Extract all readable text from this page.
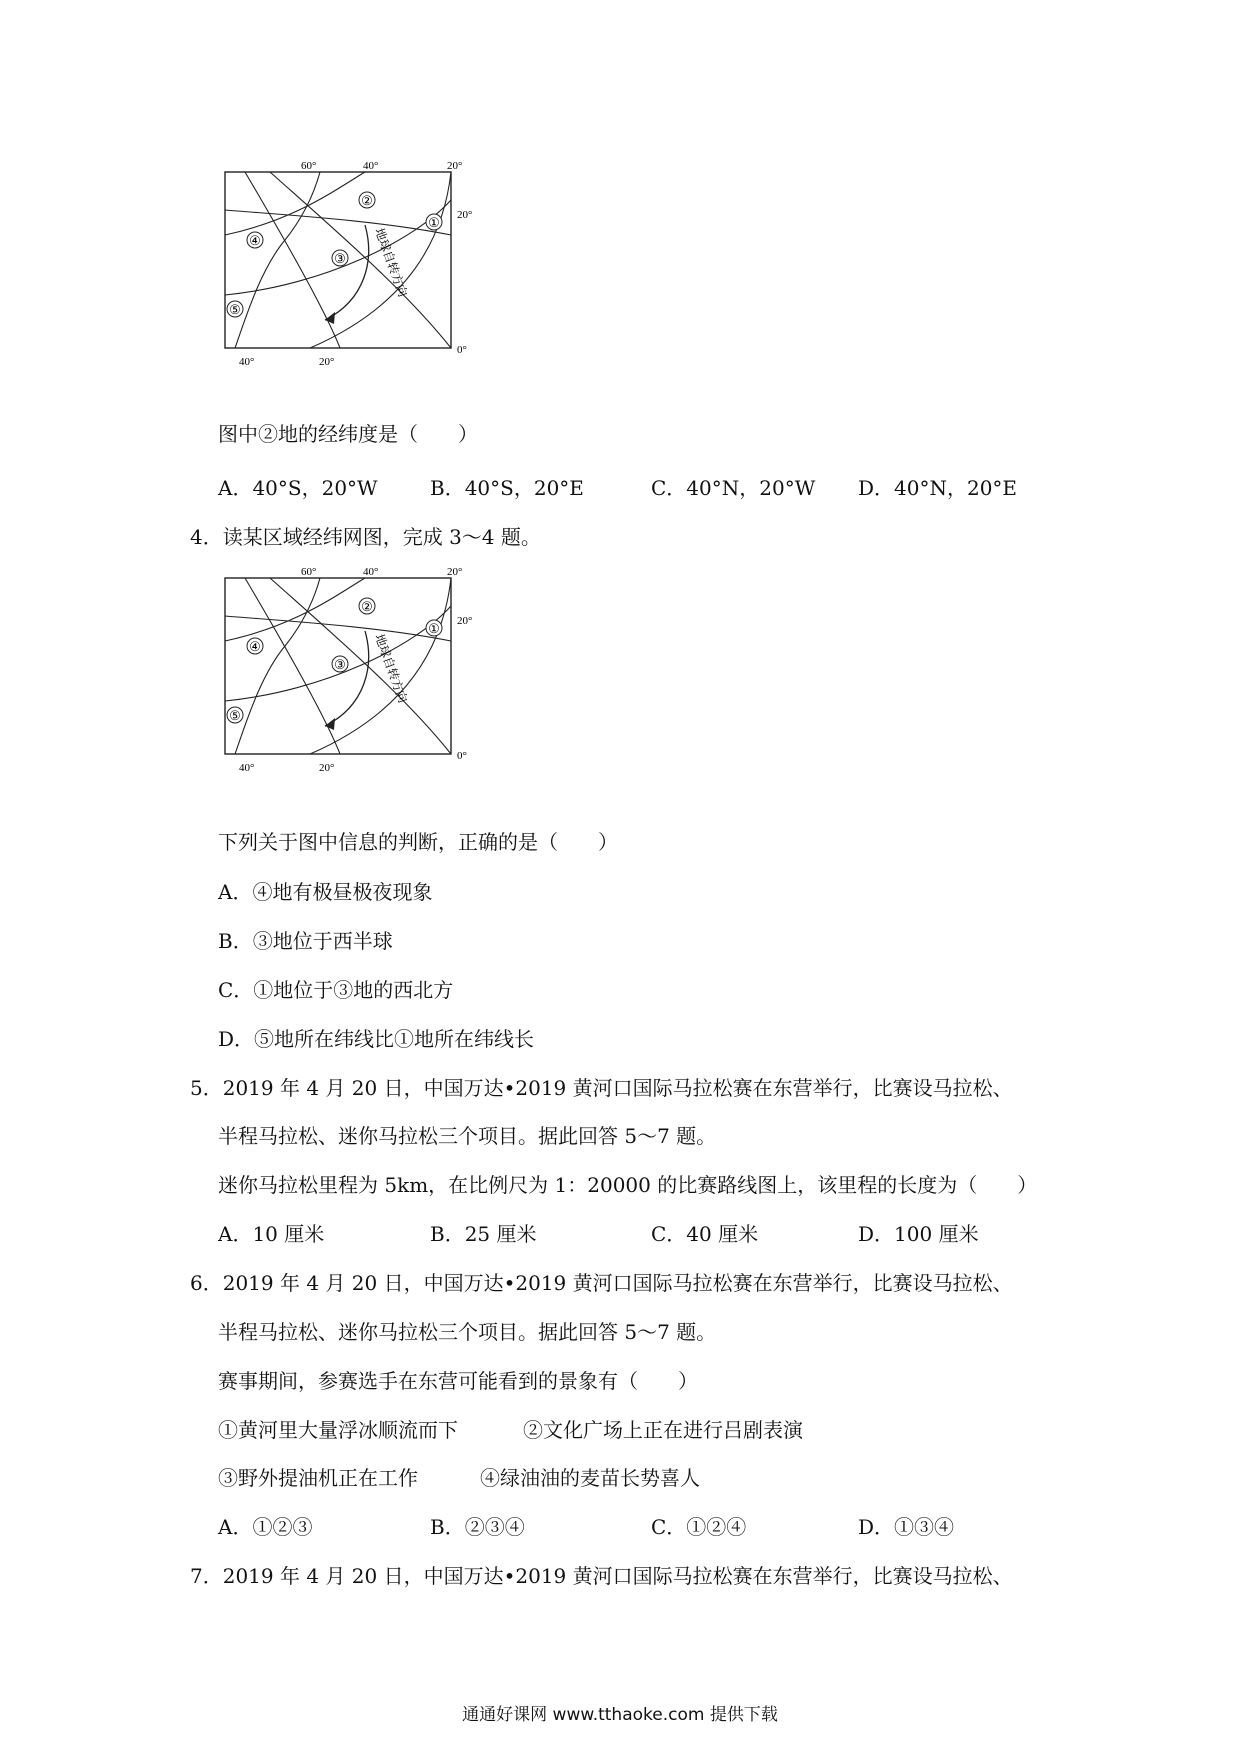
地球自转方向
①
②
③
④
⑤
60°	40°	20°
20°
0°
40°	20°
图中②地的经纬度是（　　）
A．40°S，20°W	B．40°S，20°E	C．40°N，20°W D．40°N，20°E
4．读某区域经纬网图，完成 3～4 题。
地球自转方向
①
②
③
④
⑤
60°	40°	20°
20°
0°
40°	20°
下列关于图中信息的判断，正确的是（　　）
A．④地有极昼极夜现象
B．③地位于西半球
C．①地位于③地的西北方
D．⑤地所在纬线比①地所在纬线长
5．2019 年 4 月 20 日，中国万达•2019 黄河口国际马拉松赛在东营举行，比赛设马拉松、
半程马拉松、迷你马拉松三个项目。据此回答 5～7 题。
迷你马拉松里程为 5km，在比例尺为 1：20000 的比赛路线图上，该里程的长度为（　　）
A．10 厘米	B．25 厘米	C．40 厘米	D．100 厘米
6．2019 年 4 月 20 日，中国万达•2019 黄河口国际马拉松赛在东营举行，比赛设马拉松、
半程马拉松、迷你马拉松三个项目。据此回答 5～7 题。
赛事期间，参赛选手在东营可能看到的景象有（　　）
①黄河里大量浮冰顺流而下	②文化广场上正在进行吕剧表演
③野外提油机正在工作	④绿油油的麦苗长势喜人
A．①②③	B．②③④	C．①②④	D．①③④
7．2019 年 4 月 20 日，中国万达•2019 黄河口国际马拉松赛在东营举行，比赛设马拉松、
通通好课网 www.tthaoke.com 提供下载
